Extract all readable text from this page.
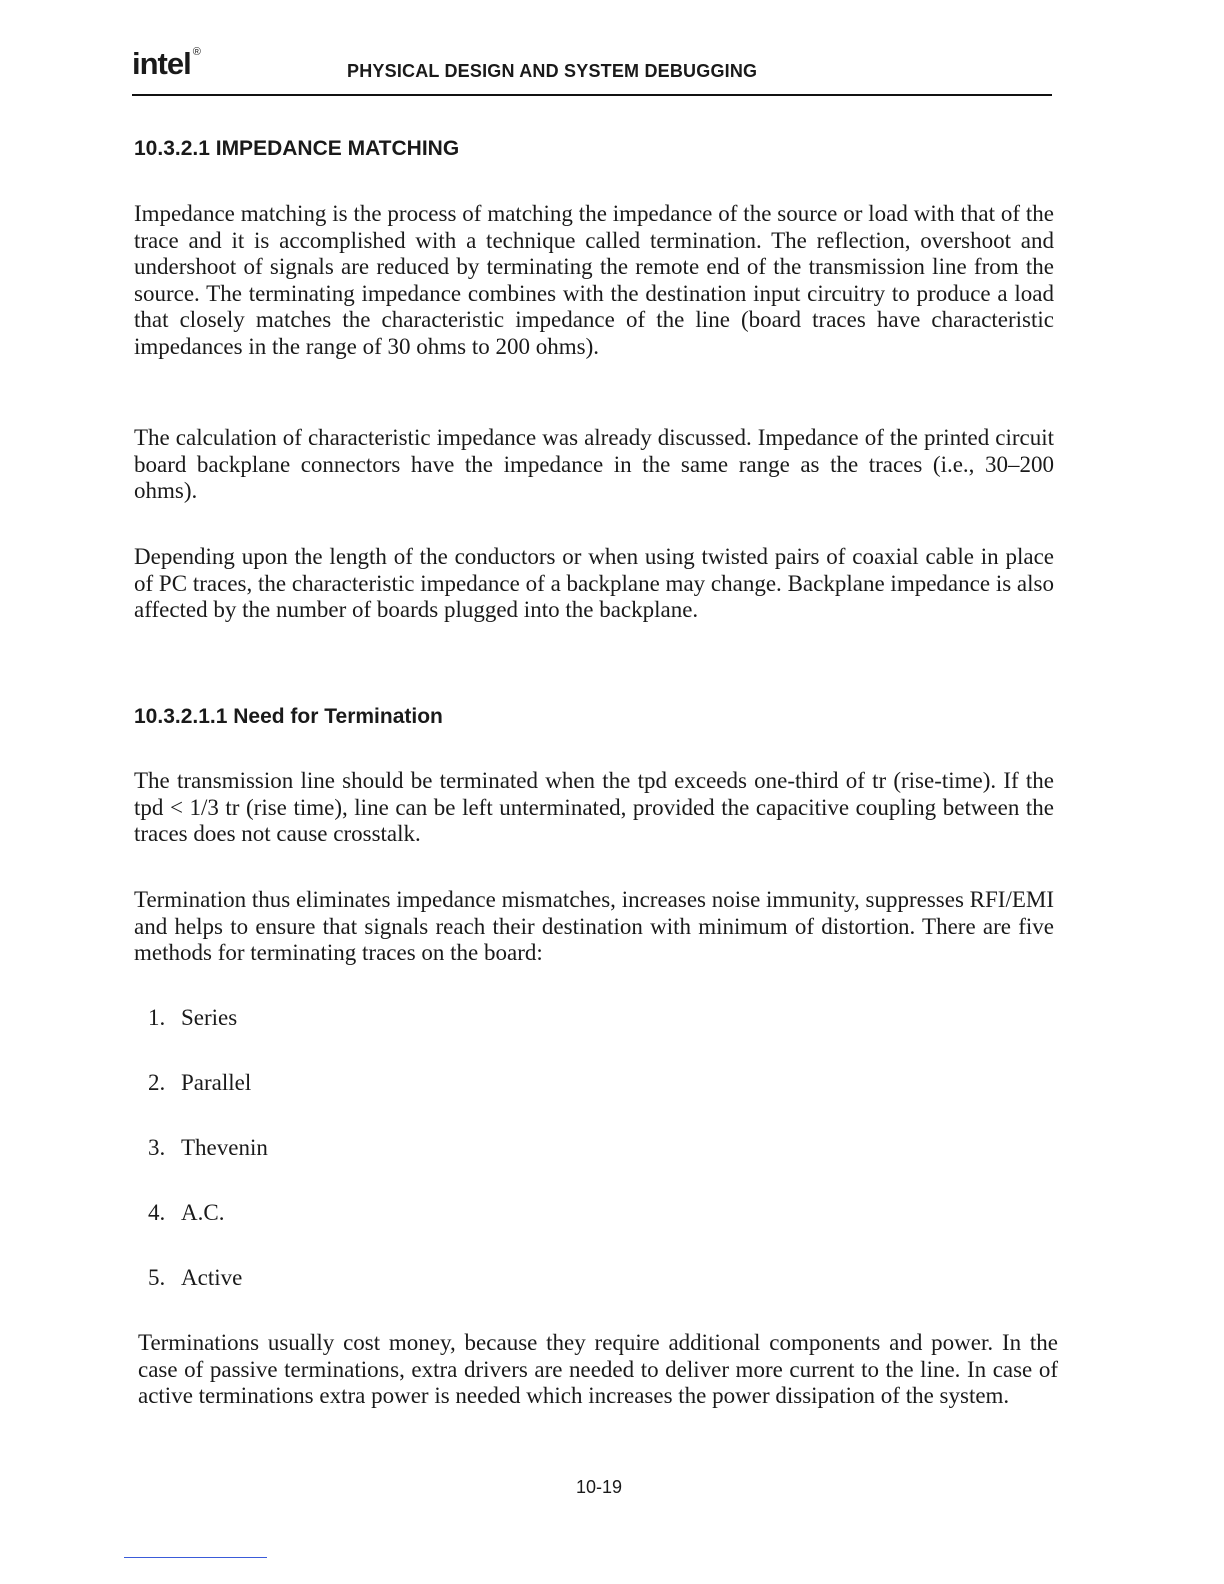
intel ®
PHYSICAL DESIGN AND SYSTEM DEBUGGING
10.3.2.1 IMPEDANCE MATCHING

Impedance matching is the process of matching the impedance of the source or load with that of the trace and it is accomplished with a technique called termination. The reflection, overshoot and undershoot of signals are reduced by terminating the remote end of the transmission line from the source. The terminating impedance combines with the destination input circuitry to produce a load that closely matches the characteristic impedance of the line (board traces have characteristic impedances in the range of 30 ohms to 200 ohms).

The calculation of characteristic impedance was already discussed. Impedance of the printed circuit board backplane connectors have the impedance in the same range as the traces (i.e., 30–200 ohms).

Depending upon the length of the conductors or when using twisted pairs of coaxial cable in place of PC traces, the characteristic impedance of a backplane may change. Backplane impedance is also affected by the number of boards plugged into the backplane.

10.3.2.1.1 Need for Termination

The transmission line should be terminated when the tpd exceeds one-third of tr (rise-time). If the tpd < 1/3 tr (rise time), line can be left unterminated, provided the capacitive coupling between the traces does not cause crosstalk.

Termination thus eliminates impedance mismatches, increases noise immunity, suppresses RFI/EMI and helps to ensure that signals reach their destination with minimum of distortion. There are five methods for terminating traces on the board:

1. Series
2. Parallel
3. Thevenin
4. A.C.
5. Active

Terminations usually cost money, because they require additional components and power. In the case of passive terminations, extra drivers are needed to deliver more current to the line. In case of active terminations extra power is needed which increases the power dissipation of the system.

10-19
